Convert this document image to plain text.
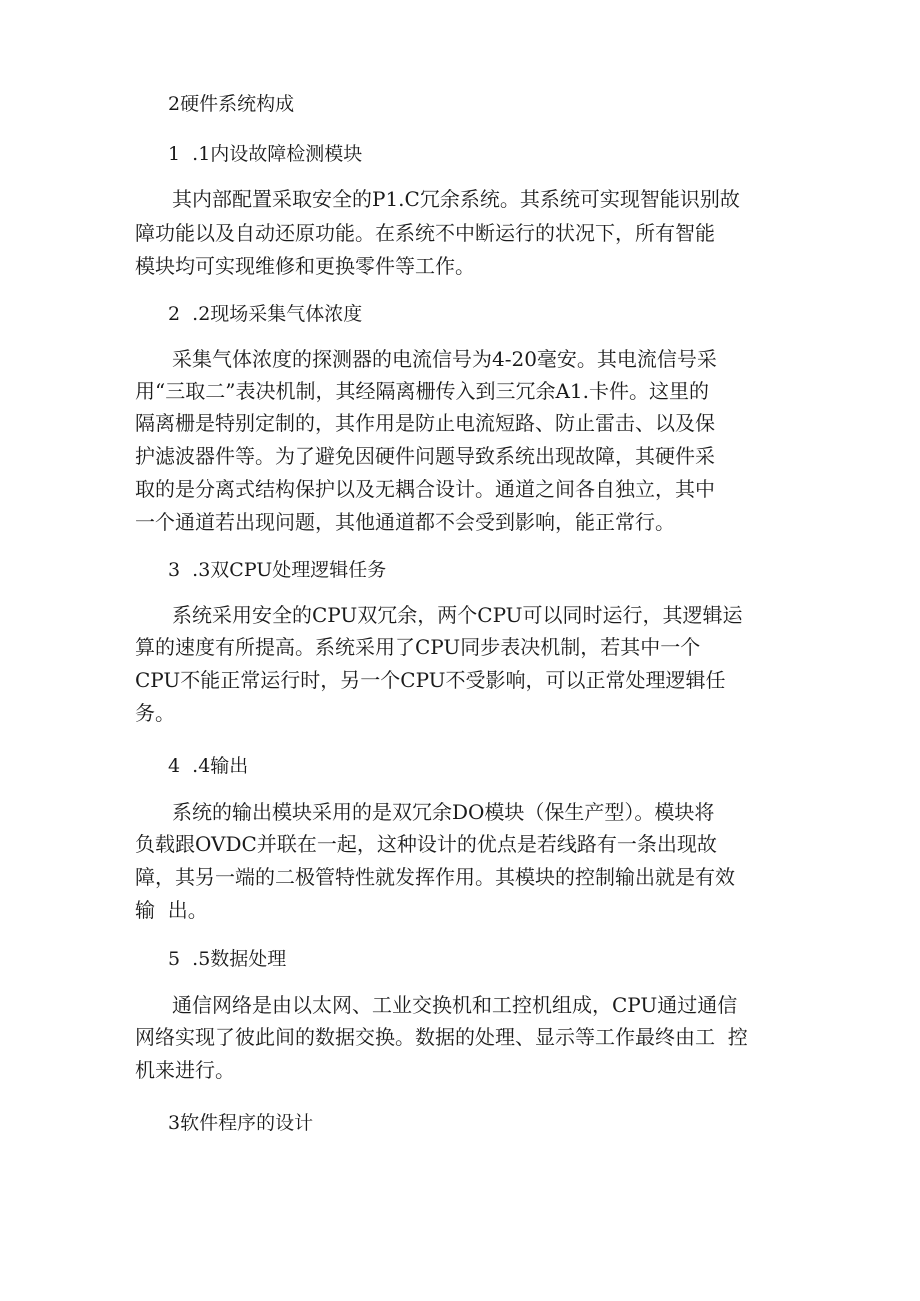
2硬件系统构成
1  .1内设故障检测模块
其内部配置采取安全的P1.C冗余系统。其系统可实现智能识别故
障功能以及自动还原功能。在系统不中断运行的状况下，所有智能
模块均可实现维修和更换零件等工作。
2  .2现场采集气体浓度
采集气体浓度的探测器的电流信号为4-20毫安。其电流信号采
用“三取二”表决机制，其经隔离栅传入到三冗余A1.卡件。这里的
隔离栅是特别定制的，其作用是防止电流短路、防止雷击、以及保
护滤波器件等。为了避免因硬件问题导致系统出现故障，其硬件采
取的是分离式结构保护以及无耦合设计。通道之间各自独立，其中
一个通道若出现问题，其他通道都不会受到影响，能正常行。
3  .3双CPU处理逻辑任务
系统采用安全的CPU双冗余，两个CPU可以同时运行，其逻辑运
算的速度有所提高。系统采用了CPU同步表决机制，若其中一个
CPU不能正常运行时，另一个CPU不受影响，可以正常处理逻辑任
务。
4  .4输出
系统的输出模块采用的是双冗余DO模块（保生产型）。模块将
负载跟OVDC并联在一起，这种设计的优点是若线路有一条出现故
障，其另一端的二极管特性就发挥作用。其模块的控制输出就是有效
输  出。
5  .5数据处理
通信网络是由以太网、工业交换机和工控机组成，CPU通过通信
网络实现了彼此间的数据交换。数据的处理、显示等工作最终由工  控
机来进行。
3软件程序的设计
